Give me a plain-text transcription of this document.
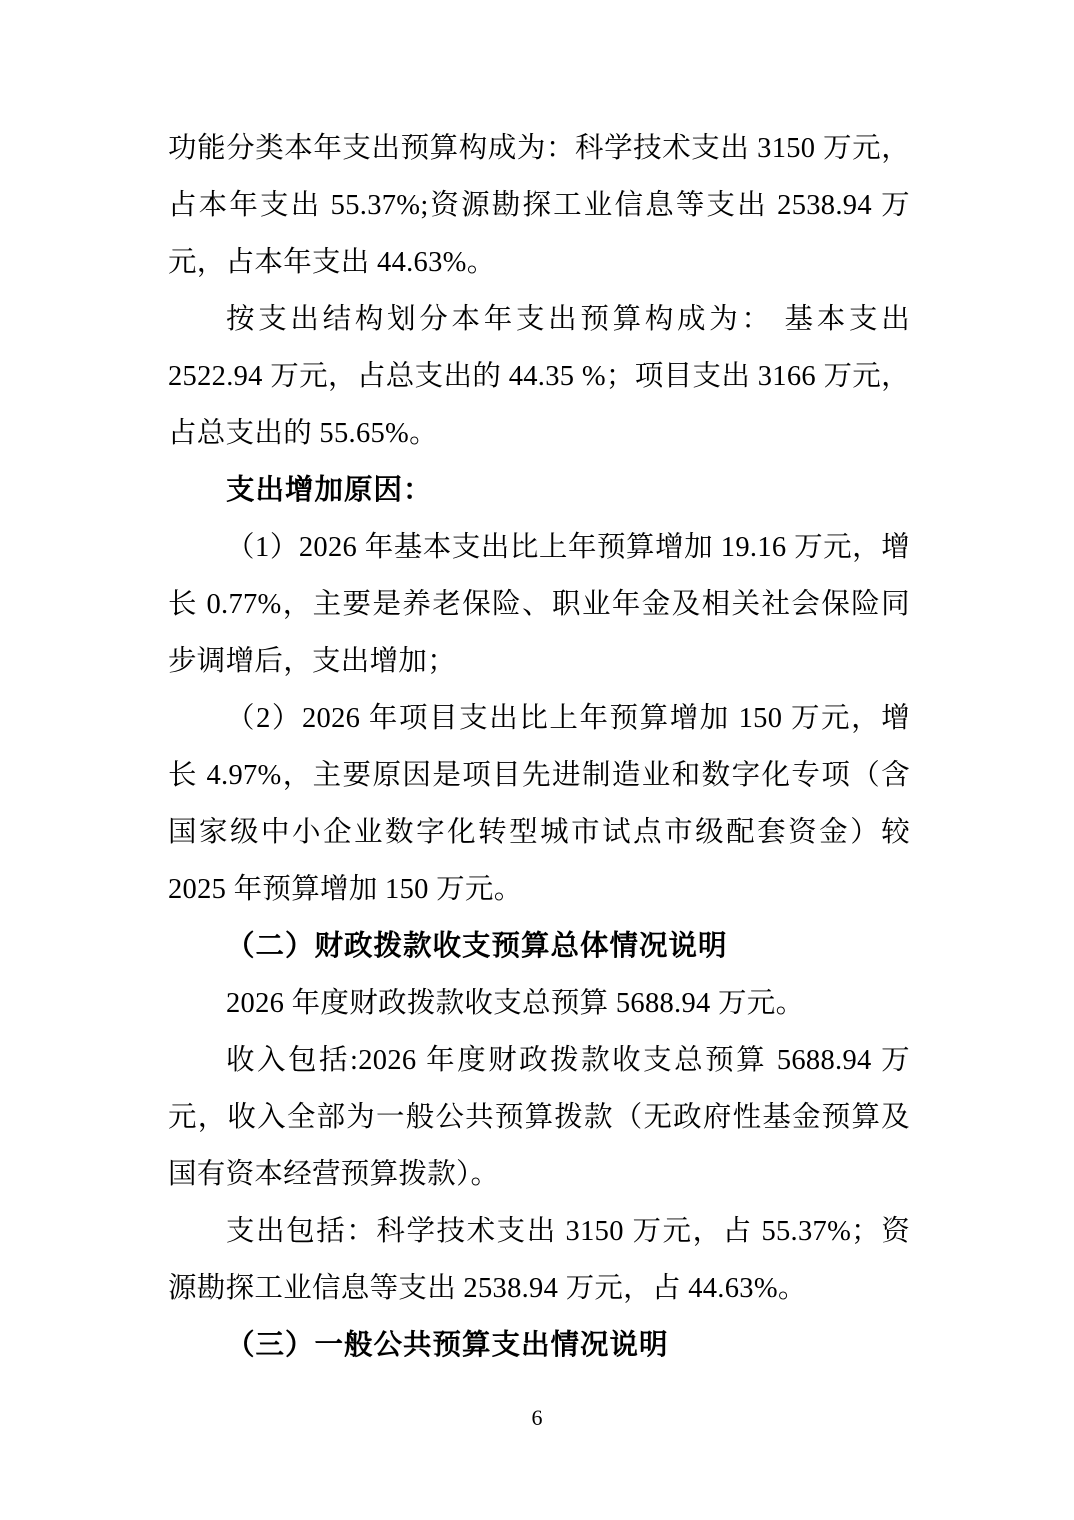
功能分类本年支出预算构成为：科学技术支出 3150 万元，占本年支出 55.37%;资源勘探工业信息等支出 2538.94 万元，占本年支出 44.63%。

按支出结构划分本年支出预算构成为： 基本支出 2522.94 万元，占总支出的 44.35 %；项目支出 3166 万元，占总支出的 55.65%。

支出增加原因：

（1）2026 年基本支出比上年预算增加 19.16 万元，增长 0.77%，主要是养老保险、职业年金及相关社会保险同步调增后，支出增加；

（2）2026 年项目支出比上年预算增加 150 万元，增长 4.97%，主要原因是项目先进制造业和数字化专项（含国家级中小企业数字化转型城市试点市级配套资金）较 2025 年预算增加 150 万元。

（二）财政拨款收支预算总体情况说明

2026 年度财政拨款收支总预算 5688.94 万元。

收入包括:2026 年度财政拨款收支总预算 5688.94 万元，收入全部为一般公共预算拨款（无政府性基金预算及国有资本经营预算拨款）。

支出包括：科学技术支出 3150 万元，占 55.37%；资源勘探工业信息等支出 2538.94 万元，占 44.63%。

（三）一般公共预算支出情况说明

6
